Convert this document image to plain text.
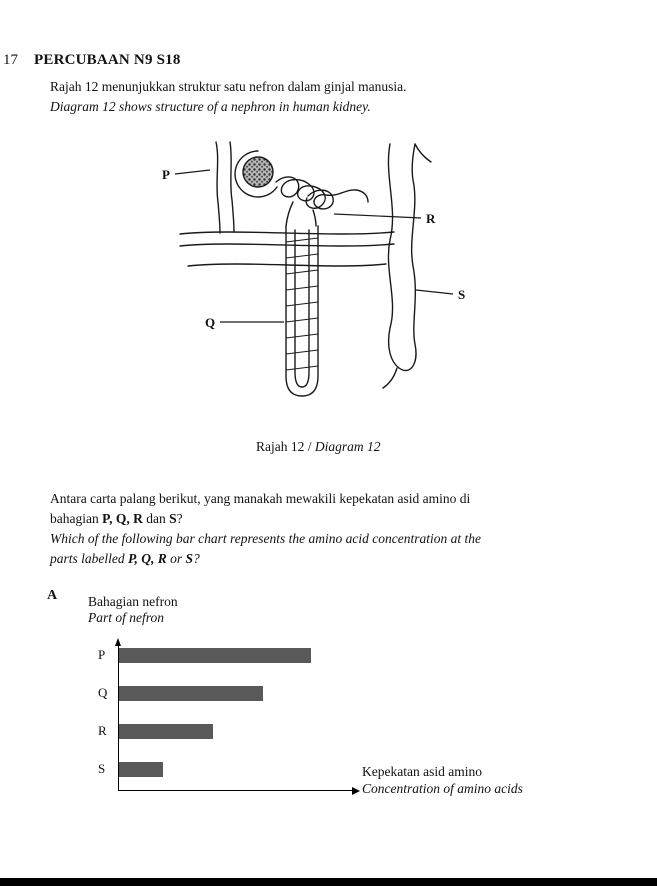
17 PERCUBAAN N9 S18
Rajah 12 menunjukkan struktur satu nefron dalam ginjal manusia.
Diagram 12 shows structure of a nephron in human kidney.
P
R
S
Q
Rajah 12 / Diagram 12
Antara carta palang berikut, yang manakah mewakili kepekatan asid amino di
bahagian P, Q, R dan S?
Which of the following bar chart represents the amino acid concentration at the
parts labelled P, Q, R or S?
A Bahagian nefron
Part of nefron
P
Q
R
S	Kepekatan asid amino
Concentration of amino acids
